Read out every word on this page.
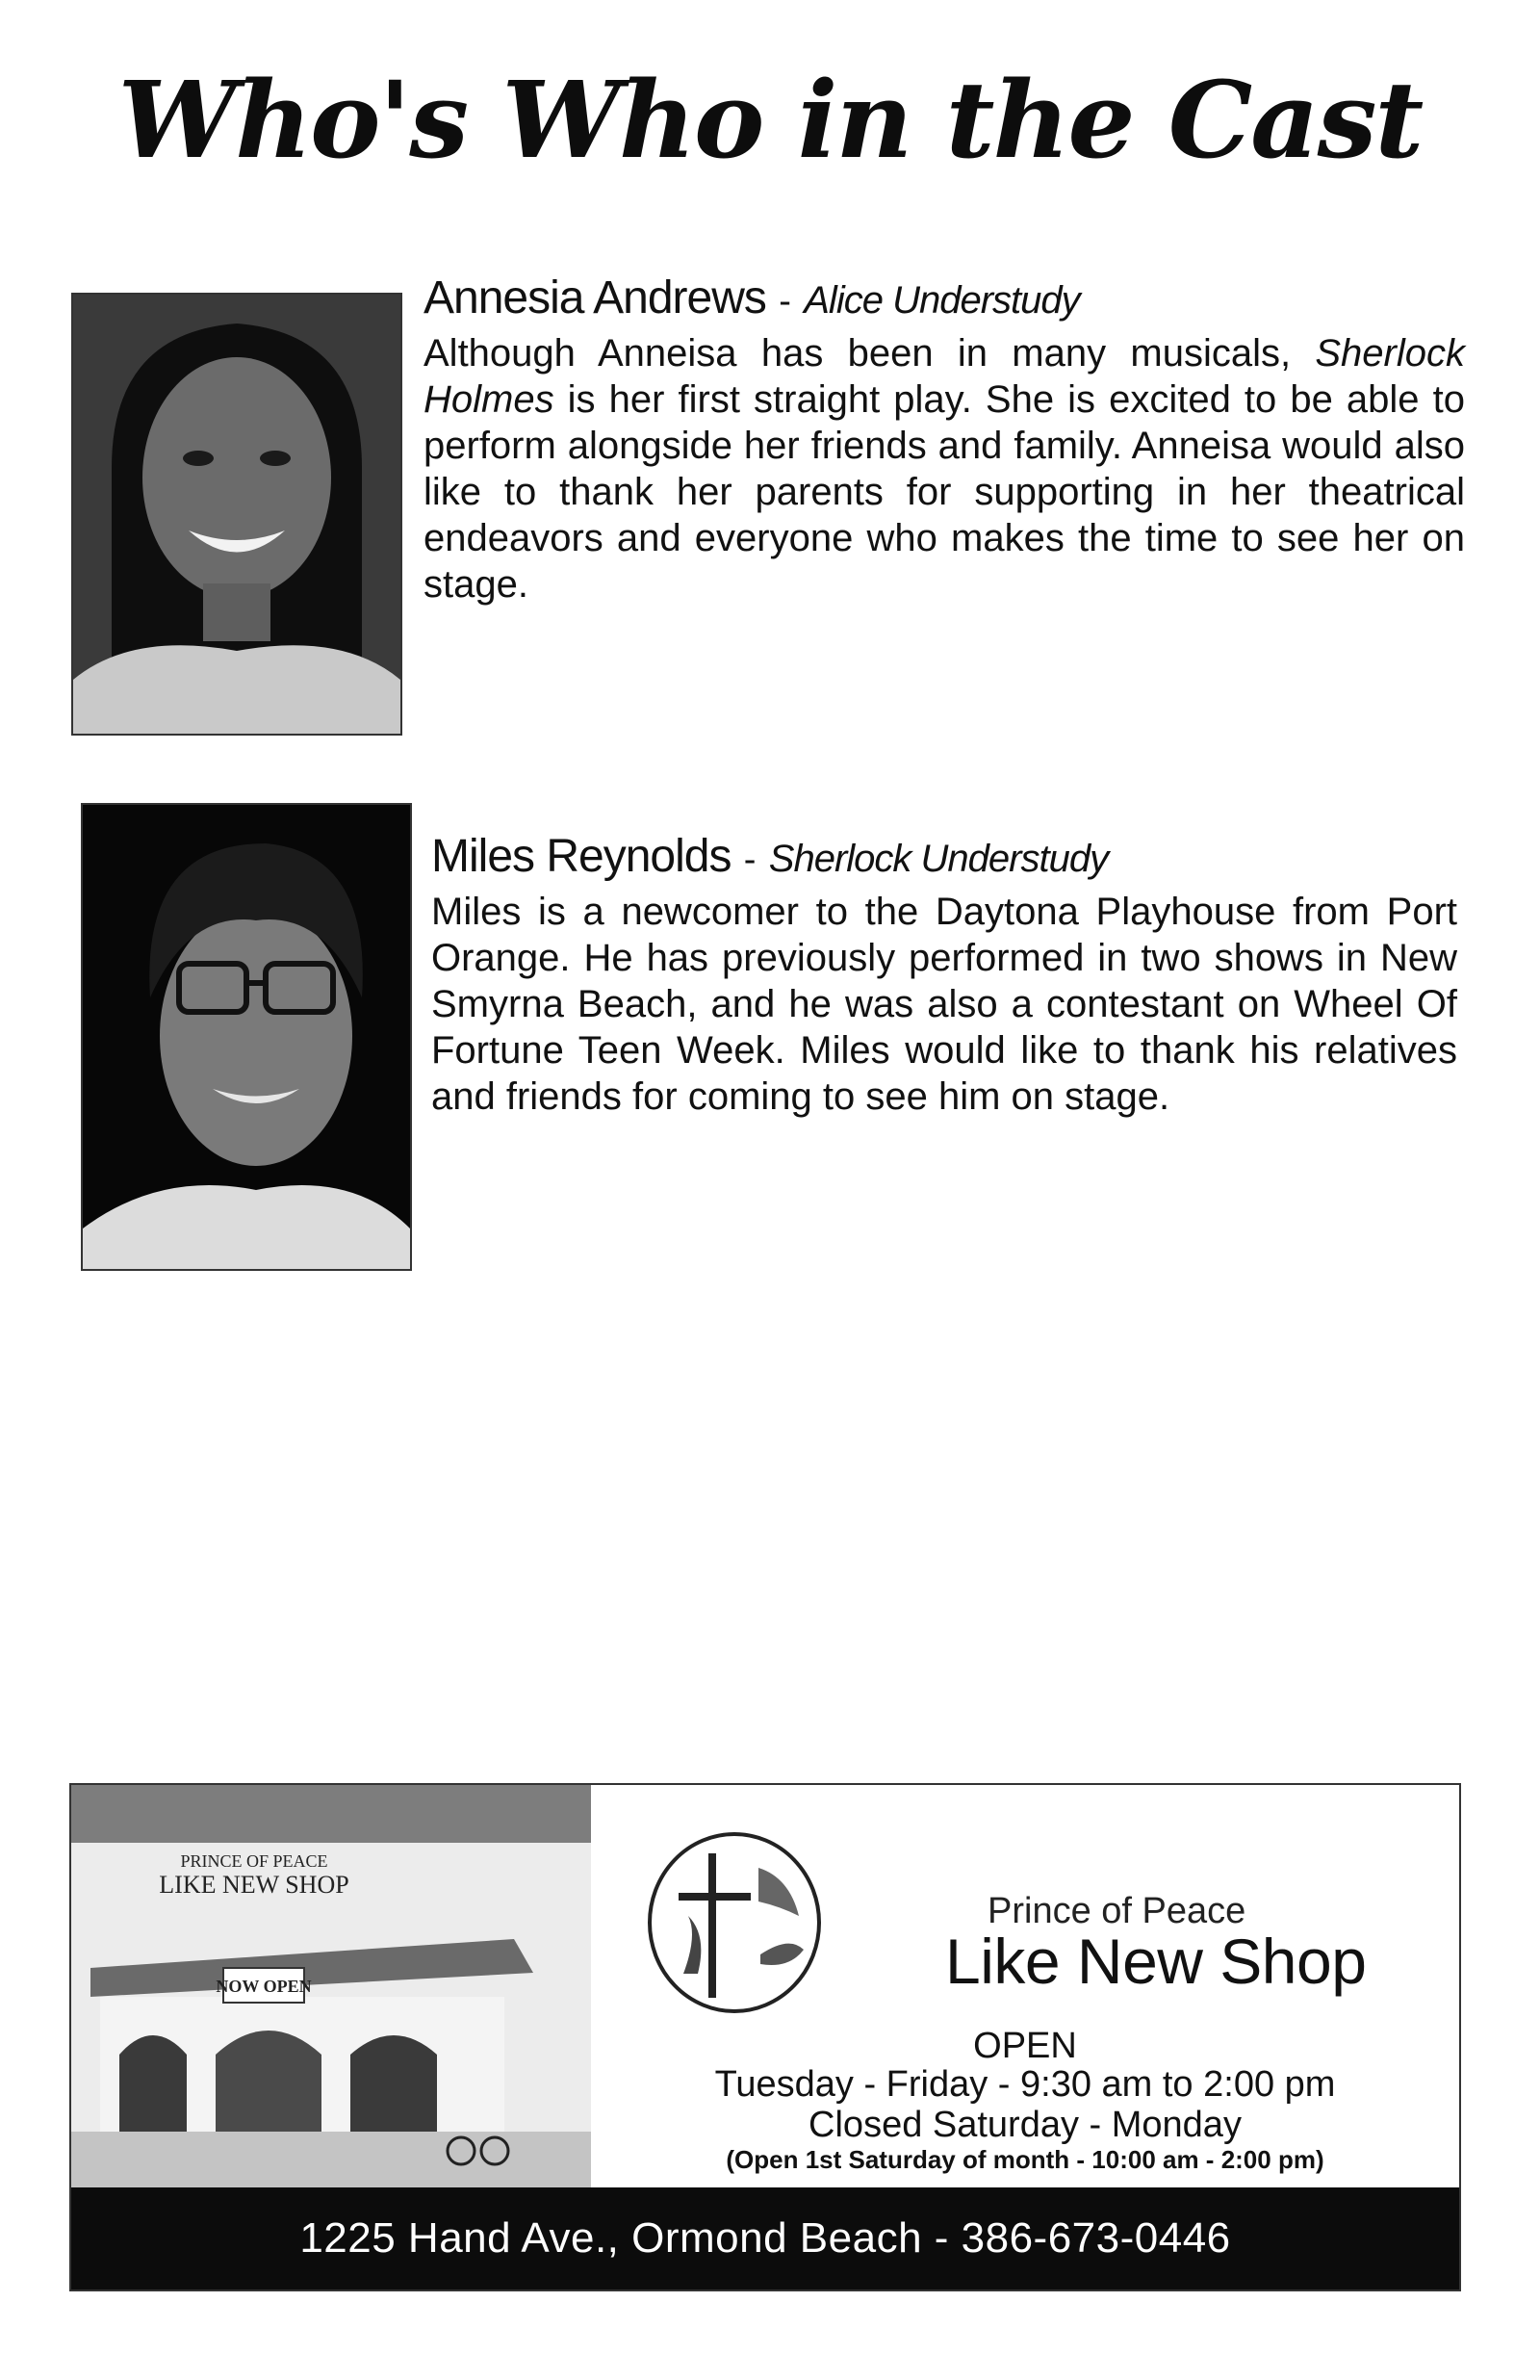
Who's Who in the Cast
Annesia Andrews - Alice Understudy
Although Anneisa has been in many musicals, Sherlock Holmes is her first straight play. She is excited to be able to perform alongside her friends and family. Anneisa would also like to thank her parents for supporting in her theatrical endeavors and everyone who makes the time to see her on stage.
Miles Reynolds - Sherlock Understudy
Miles is a newcomer to the Daytona Playhouse from Port Orange. He has previously performed in two shows in New Smyrna Beach, and he was also a contestant on Wheel Of Fortune Teen Week. Miles would like to thank his relatives and friends for coming to see him on stage.
NOW OPEN
PRINCE OF PEACE
LIKE NEW SHOP
Prince of Peace
Like New Shop
OPEN
Tuesday - Friday - 9:30 am to 2:00 pm
Closed Saturday - Monday
(Open 1st Saturday of month - 10:00 am - 2:00 pm)
1225 Hand Ave., Ormond Beach - 386-673-0446
